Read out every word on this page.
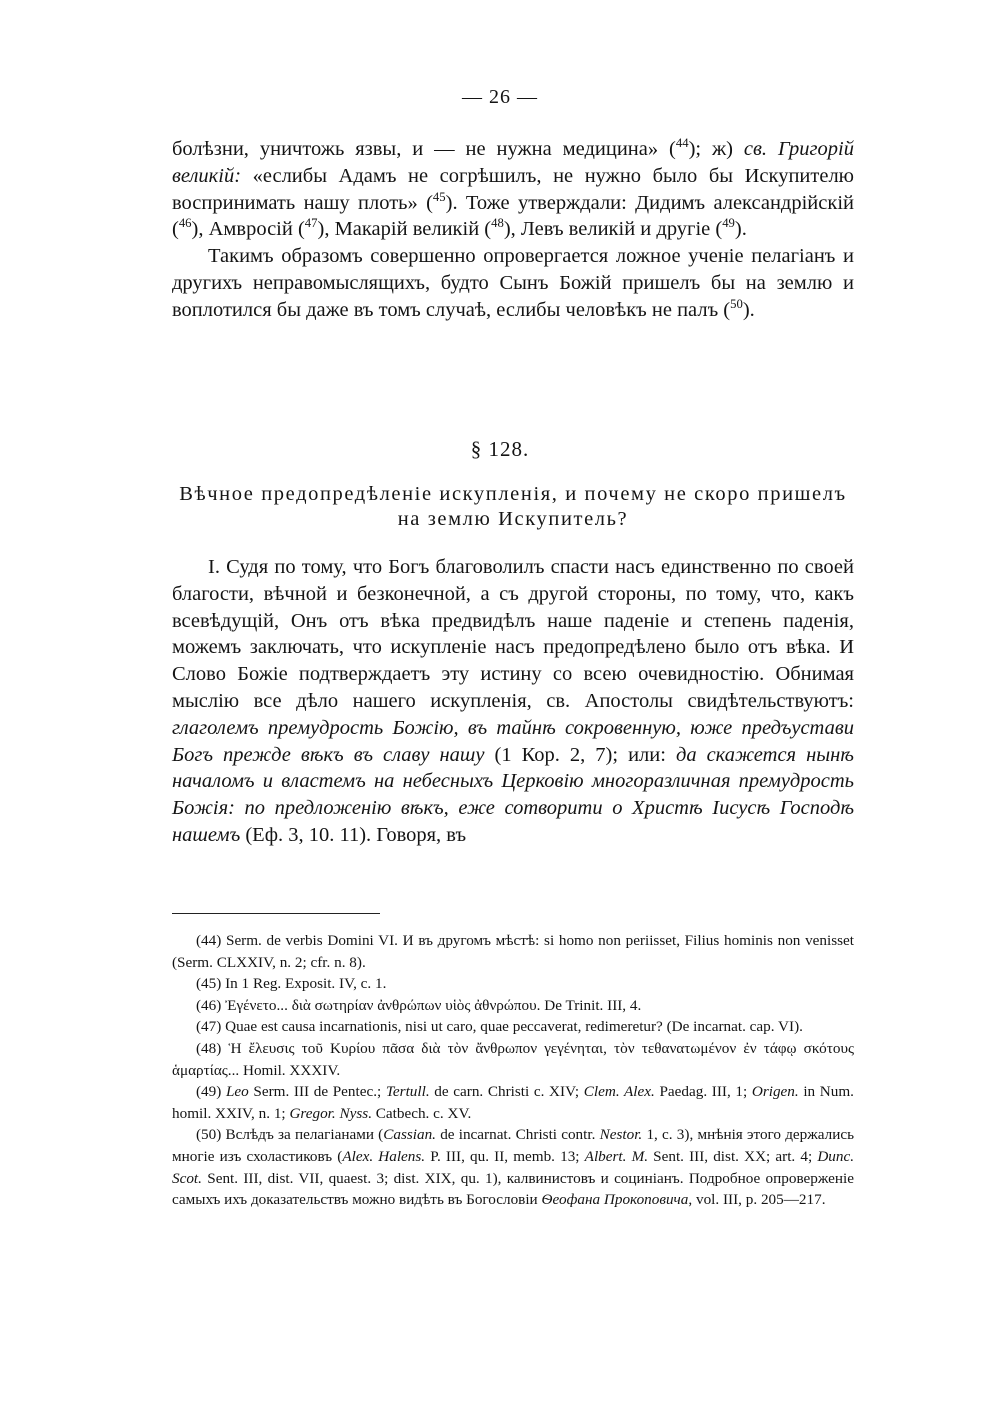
— 26 —

болѣзни, уничтожь язвы, и — не нужна медицина» ($^{44}$); ж) св. Григорій великій: «еслибы Адамъ не согрѣшилъ, не нужно было бы Искупителю воспринимать нашу плоть» ($^{45}$). Тоже утверждали: Дидимъ александрійскій ($^{46}$), Амвросій ($^{47}$), Макарій великій ($^{48}$), Левъ великій и другіе ($^{49}$).

Такимъ образомъ совершенно опровергается ложное ученіе пелагіанъ и другихъ неправомыслящихъ, будто Сынъ Божій пришелъ бы на землю и воплотился бы даже въ томъ случаѣ, еслибы человѣкъ не палъ ($^{50}$).

§ 128.
Вѣчное предопредѣленіе искупленія, и почему не скоро пришелъ на землю Искупитель?

I. Судя по тому, что Богъ благоволилъ спасти насъ единственно по своей благости, вѣчной и безконечной, а съ другой стороны, по тому, что, какъ всевѣдущій, Онъ отъ вѣка предвидѣлъ наше паденіе и степень паденія, можемъ заключать, что искупленіе насъ предопредѣлено было отъ вѣка. И Слово Божіе подтверждаетъ эту истину со всею очевидностію. Обнимая мыслію все дѣло нашего искупленія, св. Апостолы свидѣтельствуютъ: глаголемъ премудрость Божію, въ тайнѣ сокровенную, юже предъустави Богъ прежде вѣкъ въ славу нашу (1 Кор. 2, 7); или: да скажется нынѣ началомъ и властемъ на небесныхъ Церковію многоразличная премудрость Божія: по предложенію вѣкъ, еже сотворити о Христѣ Іисусѣ Господѣ нашемъ (Еф. 3, 10. 11). Говоря, въ

(44) Serm. de verbis Domini VI. И въ другомъ мѣстѣ: si homo non periisset, Filius hominis non venisset (Serm. CLXXIV, n. 2; cfr. n. 8).

(45) In 1 Reg. Exposit. IV, c. 1.

(46) Ἐγένετο... διὰ σωτηρίαν ἀνθρώπων υἱὸς ἀθνρώπου. De Trinit. III, 4.

(47) Quae est causa incarnationis, nisi ut caro, quae peccaverat, redimeretur? (De incarnat. cap. VI).

(48) Ἡ ἔλευσις τοῦ Κυρίου πᾶσα διὰ τὸν ἄνθρωπον γεγένηται, τὸν τεθανατωμένον ἐν τάφῳ σκότους ἁμαρτίας... Homil. XXXIV.

(49) Leo Serm. III de Pentec.; Tertull. de carn. Christi c. XIV; Clem. Alex. Paedag. III, 1; Origen. in Num. homil. XXIV, n. 1; Gregor. Nyss. Catbech. c. XV.

(50) Вслѣдъ за пелагіанами (Cassian. de incarnat. Christi contr. Nestor. 1, c. 3), мнѣнія этого держались многіе изъ схоластиковъ (Alex. Halens. P. III, qu. II, memb. 13; Albert. M. Sent. III, dist. XX; art. 4; Dunc. Scot. Sent. III, dist. VII, quaest. 3; dist. XIX, qu. 1), калвинистовъ и социніанъ. Подробное опроверженіе самыхъ ихъ доказательствъ можно видѣть въ Богословіи Ѳеофана Прокоповича, vol. III, p. 205—217.
